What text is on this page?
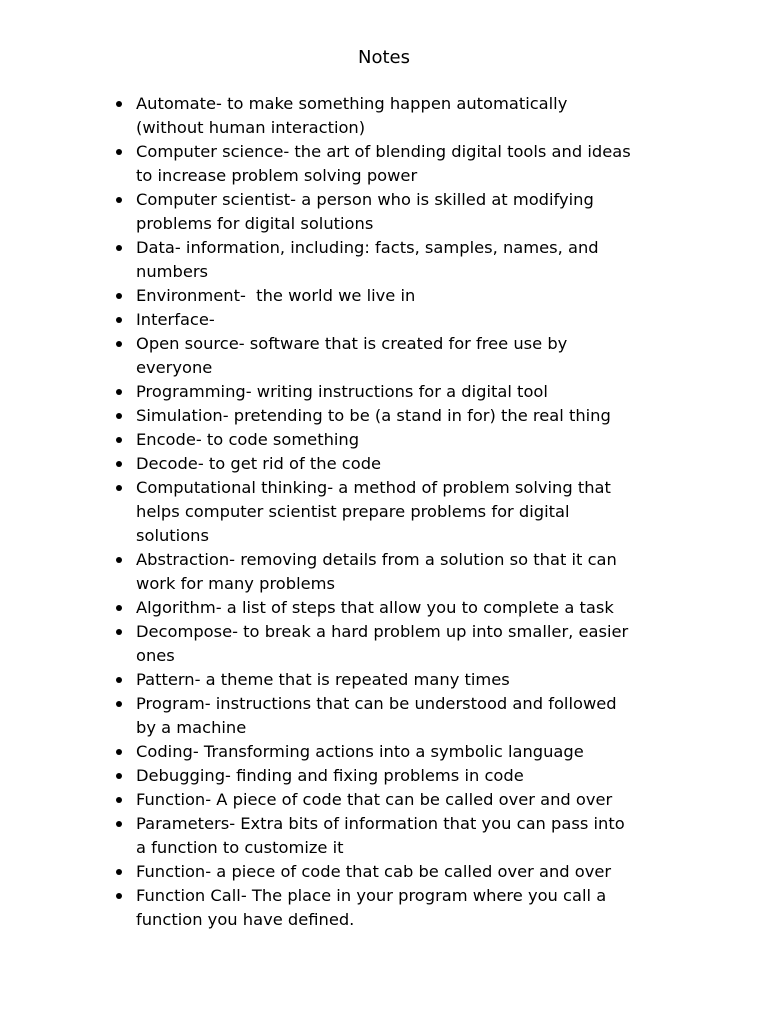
Notes
Automate- to make something happen automatically
(without human interaction)
Computer science- the art of blending digital tools and ideas
to increase problem solving power
Computer scientist- a person who is skilled at modifying
problems for digital solutions
Data- information, including: facts, samples, names, and
numbers
Environment-  the world we live in
Interface-
Open source- software that is created for free use by
everyone
Programming- writing instructions for a digital tool
Simulation- pretending to be (a stand in for) the real thing
Encode- to code something
Decode- to get rid of the code
Computational thinking- a method of problem solving that
helps computer scientist prepare problems for digital
solutions
Abstraction- removing details from a solution so that it can
work for many problems
Algorithm- a list of steps that allow you to complete a task
Decompose- to break a hard problem up into smaller, easier
ones
Pattern- a theme that is repeated many times
Program- instructions that can be understood and followed
by a machine
Coding- Transforming actions into a symbolic language
Debugging- finding and fixing problems in code
Function- A piece of code that can be called over and over
Parameters- Extra bits of information that you can pass into
a function to customize it
Function- a piece of code that cab be called over and over
Function Call- The place in your program where you call a
function you have defined.
